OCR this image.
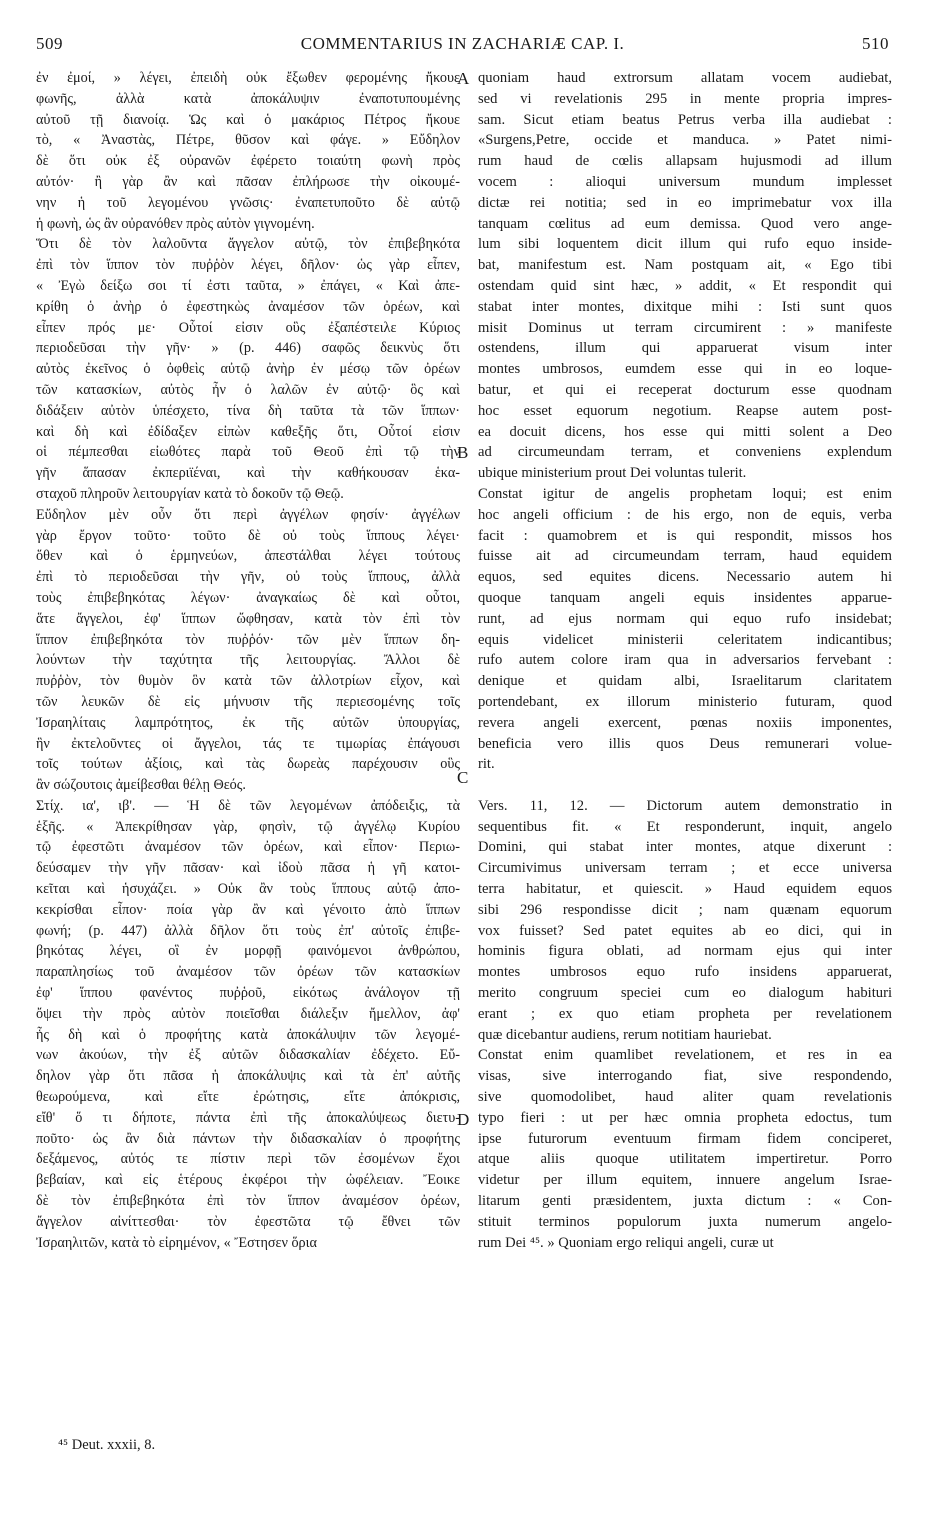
509	COMMENTARIUS IN ZACHARIÆ CAP. I.	510
ἐν ἐμοί, » λέγει, ἐπειδὴ οὐκ ἔξωθεν φερομένης ἤκουε
φωνῆς, ἀλλὰ κατὰ ἀποκάλυψιν ἐναποτυπουμένης
αὐτοῦ τῇ διανοίᾳ. Ὡς καὶ ὁ μακάριος Πέτρος ἤκουε
τὸ, « Ἀναστὰς, Πέτρε, θῦσον καὶ φάγε. » Εὔδηλον
δὲ ὅτι οὐκ ἐξ οὐρανῶν ἐφέρετο τοιαύτη φωνὴ πρὸς
αὐτόν· ἢ γὰρ ἂν καὶ πᾶσαν ἐπλήρωσε τὴν οἰκουμέ-
νην ἡ τοῦ λεγομένου γνῶσις· ἐναπετυποῦτο δὲ αὐτῷ
ἡ φωνὴ, ὡς ἂν οὐρανόθεν πρὸς αὐτὸν γιγνομένη.
Ὅτι δὲ τὸν λαλοῦντα ἄγγελον αὐτῷ, τὸν ἐπιβεβηκότα
ἐπὶ τὸν ἵππον τὸν πυῤῥὸν λέγει, δῆλον· ὡς γὰρ εἶπεν,
« Ἐγὼ δείξω σοι τί ἐστι ταῦτα, » ἐπάγει, « Καὶ ἀπε-
κρίθη ὁ ἀνὴρ ὁ ἐφεστηκὼς ἀναμέσον τῶν ὀρέων, καὶ
εἶπεν πρός με· Οὗτοί εἰσιν οὓς ἐξαπέστειλε Κύριος
περιοδεῦσαι τὴν γῆν· » (p. 446) σαφῶς δεικνὺς ὅτι
αὐτὸς ἐκεῖνος ὁ ὀφθεὶς αὐτῷ ἀνὴρ ἐν μέσῳ τῶν ὀρέων
τῶν κατασκίων, αὐτὸς ἦν ὁ λαλῶν ἐν αὐτῷ· ὃς καὶ
διδάξειν αὐτὸν ὑπέσχετο, τίνα δὴ ταῦτα τὰ τῶν ἵππων·
καὶ δὴ καὶ ἐδίδαξεν εἰπὼν καθεξῆς ὅτι, Οὗτοί εἰσιν
οἱ πέμπεσθαι εἰωθότες παρὰ τοῦ Θεοῦ ἐπὶ τῷ τὴν
γῆν ἅπασαν ἐκπεριϊέναι, καὶ τὴν καθήκουσαν ἑκα-
σταχοῦ πληροῦν λειτουργίαν κατὰ τὸ δοκοῦν τῷ Θεῷ.
Εὔδηλον μὲν οὖν ὅτι περὶ ἀγγέλων φησίν· ἀγγέλων
γὰρ ἔργον τοῦτο· τοῦτο δὲ οὐ τοὺς ἵππους λέγει·
ὅθεν καὶ ὁ ἑρμηνεύων, ἀπεστάλθαι λέγει τούτους
ἐπὶ τὸ περιοδεῦσαι τὴν γῆν, οὐ τοὺς ἵππους, ἀλλὰ
τοὺς ἐπιβεβηκότας λέγων· ἀναγκαίως δὲ καὶ οὗτοι,
ἅτε ἄγγελοι, ἐφ' ἵππων ὤφθησαν, κατὰ τὸν ἐπὶ τὸν
ἵππον ἐπιβεβηκότα τὸν πυῤῥόν· τῶν μὲν ἵππων δη-
λούντων τὴν ταχύτητα τῆς λειτουργίας. Ἄλλοι δὲ
πυῤῥὸν, τὸν θυμὸν ὃν κατὰ τῶν ἀλλοτρίων εἶχον, καὶ
τῶν λευκῶν δὲ εἰς μήνυσιν τῆς περιεσομένης τοῖς
Ἰσραηλίταις λαμπρότητος, ἐκ τῆς αὐτῶν ὑπουργίας,
ἣν ἐκτελοῦντες οἱ ἄγγελοι, τάς τε τιμωρίας ἐπάγουσι
τοῖς τούτων ἀξίοις, καὶ τὰς δωρεὰς παρέχουσιν οὓς
ἂν σώζουτοις ἀμείβεσθαι θέλῃ Θεός.
Στίχ. ια', ιβ'. — Ἡ δὲ τῶν λεγομένων ἀπόδειξις, τὰ
ἑξῆς. « Ἀπεκρίθησαν γὰρ, φησὶν, τῷ ἀγγέλῳ Κυρίου
τῷ ἐφεστῶτι ἀναμέσον τῶν ὀρέων, καὶ εἶπον· Περιω-
δεύσαμεν τὴν γῆν πᾶσαν· καὶ ἰδοὺ πᾶσα ἡ γῆ κατοι-
κεῖται καὶ ἡσυχάζει. » Οὐκ ἂν τοὺς ἵππους αὐτῷ ἀπο-
κεκρίσθαι εἶπον· ποία γὰρ ἂν καὶ γένοιτο ἀπὸ ἵππων
φωνή; (p. 447) ἀλλὰ δῆλον ὅτι τοὺς ἐπ' αὐτοῖς ἐπιβε-
βηκότας λέγει, οἳ ἐν μορφῇ φαινόμενοι ἀνθρώπου,
παραπλησίως τοῦ ἀναμέσον τῶν ὀρέων τῶν κατασκίων
ἐφ' ἵππου φανέντος πυῤῥοῦ, εἰκότως ἀνάλογον τῇ
ὄψει τὴν πρὸς αὐτὸν ποιεῖσθαι διάλεξιν ἤμελλον, ἀφ'
ἧς δὴ καὶ ὁ προφήτης κατὰ ἀποκάλυψιν τῶν λεγομέ-
νων ἀκούων, τὴν ἐξ αὐτῶν διδασκαλίαν ἐδέχετο. Εὔ-
δηλον γὰρ ὅτι πᾶσα ἡ ἀποκάλυψις καὶ τὰ ἐπ' αὐτῆς
θεωρούμενα, καὶ εἴτε ἐρώτησις, εἴτε ἀπόκρισις,
εἴθ' ὅ τι δήποτε, πάντα ἐπὶ τῆς ἀποκαλύψεως διετυ-
ποῦτο· ὡς ἂν διὰ πάντων τὴν διδασκαλίαν ὁ προφήτης
δεξάμενος, αὐτός τε πίστιν περὶ τῶν ἐσομένων ἔχοι
βεβαίαν, καὶ εἰς ἑτέρους ἐκφέροι τὴν ὠφέλειαν. Ἔοικε
δὲ τὸν ἐπιβεβηκότα ἐπὶ τὸν ἵππον ἀναμέσον ὀρέων,
ἄγγελον αἰνίττεσθαι· τὸν ἐφεστῶτα τῷ ἔθνει τῶν
Ἰσραηλιτῶν, κατὰ τὸ εἰρημένον, « Ἔστησεν ὅρια
quoniam haud extrorsum allatam vocem audiebat,
sed vi revelationis 295 in mente propria impres-
sam. Sicut etiam beatus Petrus verba illa audiebat :
«Surgens,Petre, occide et manduca. » Patet nimi-
rum haud de cœlis allapsam hujusmodi ad illum
vocem : alioqui universum mundum implesset
dictæ rei notitia; sed in eo imprimebatur vox illa
tanquam cœlitus ad eum demissa. Quod vero ange-
lum sibi loquentem dicit illum qui rufo equo inside-
bat, manifestum est. Nam postquam ait, « Ego tibi
ostendam quid sint hæc, » addit, « Et respondit qui
stabat inter montes, dixitque mihi : Isti sunt quos
misit Dominus ut terram circumirent : » manifeste
ostendens, illum qui apparuerat visum inter
montes umbrosos, eumdem esse qui in eo loque-
batur, et qui ei receperat docturum esse quodnam
hoc esset equorum negotium. Reapse autem post-
ea docuit dicens, hos esse qui mitti solent a Deo
ad circumeundam terram, et conveniens explendum
ubique ministerium prout Dei voluntas tulerit.
Constat igitur de angelis prophetam loqui; est enim
hoc angeli officium : de his ergo, non de equis, verba
facit : quamobrem et is qui respondit, missos hos
fuisse ait ad circumeundam terram, haud equidem
equos, sed equites dicens. Necessario autem hi
quoque tanquam angeli equis insidentes apparue-
runt, ad ejus normam qui equo rufo insidebat;
equis videlicet ministerii celeritatem indicantibus;
rufo autem colore iram qua in adversarios fervebant :
denique et quidam albi, Israelitarum claritatem
portendebant, ex illorum ministerio futuram, quod
revera angeli exercent, pœnas noxiis imponentes,
beneficia vero illis quos Deus remunerari volue-
rit.
Vers. 11, 12. — Dictorum autem demonstratio in
sequentibus fit. « Et responderunt, inquit, angelo
Domini, qui stabat inter montes, atque dixerunt :
Circumivimus universam terram ; et ecce universa
terra habitatur, et quiescit. » Haud equidem equos
sibi 296 respondisse dicit ; nam quænam equorum
vox fuisset? Sed patet equites ab eo dici, qui in
hominis figura oblati, ad normam ejus qui inter
montes umbrosos equo rufo insidens apparuerat,
merito congruum speciei cum eo dialogum habituri
erant ; ex quo etiam propheta per revelationem
quæ dicebantur audiens, rerum notitiam hauriebat.
Constat enim quamlibet revelationem, et res in ea
visas, sive interrogando fiat, sive respondendo,
sive quomodolibet, haud aliter quam revelationis
typo fieri : ut per hæc omnia propheta edoctus, tum
ipse futurorum eventuum firmam fidem conciperet,
atque aliis quoque utilitatem impertiretur. Porro
videtur per illum equitem, innuere angelum Israe-
litarum genti præsidentem, juxta dictum : « Con-
stituit terminos populorum juxta numerum angelo-
rum Dei ⁴⁵. » Quoniam ergo reliqui angeli, curæ ut
A
B
C
D
⁴⁵ Deut. xxxii, 8.
